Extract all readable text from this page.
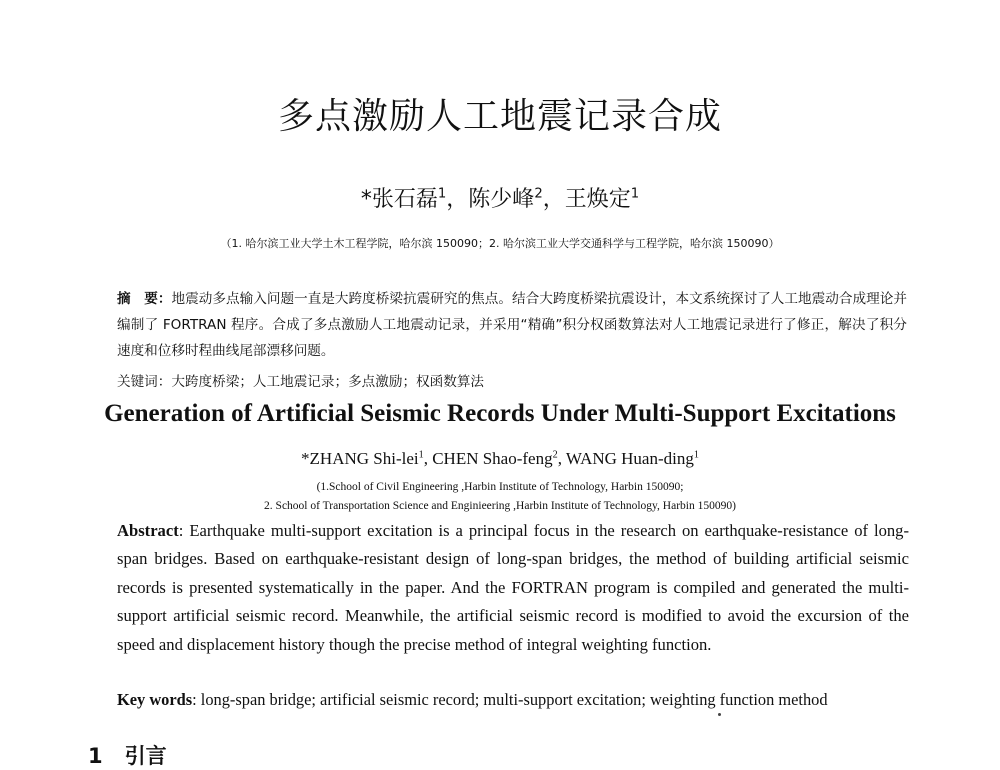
多点激励人工地震记录合成
*张石磊$^1$，陈少峰$^2$，王焕定$^1$
（1. 哈尔滨工业大学土木工程学院，哈尔滨 150090；2. 哈尔滨工业大学交通科学与工程学院，哈尔滨 150090）
摘　要：地震动多点输入问题一直是大跨度桥梁抗震研究的焦点。结合大跨度桥梁抗震设计，本文系统探讨了人工地震动合成理论并编制了 FORTRAN 程序。合成了多点激励人工地震动记录，并采用“精确”积分权函数算法对人工地震记录进行了修正，解决了积分速度和位移时程曲线尾部漂移问题。
关键词：大跨度桥梁；人工地震记录；多点激励；权函数算法
Generation of Artificial Seismic Records Under Multi-Support Excitations
*ZHANG Shi-lei$^1$, CHEN Shao-feng$^2$, WANG Huan-ding$^1$
(1.School of Civil Engineering ,Harbin Institute of Technology, Harbin 150090;
2. School of Transportation Science and Enginieering ,Harbin Institute of Technology, Harbin 150090)
Abstract: Earthquake multi-support excitation is a principal focus in the research on earthquake-resistance of long-span bridges. Based on earthquake-resistant design of long-span bridges, the method of building artificial seismic records is presented systematically in the paper. And the FORTRAN program is compiled and generated the multi-support artificial seismic record. Meanwhile, the artificial seismic record is modified to avoid the excursion of the speed and displacement history though the precise method of integral weighting function.
Key words: long-span bridge; artificial seismic record; multi-support excitation; weighting function method
1 引言
